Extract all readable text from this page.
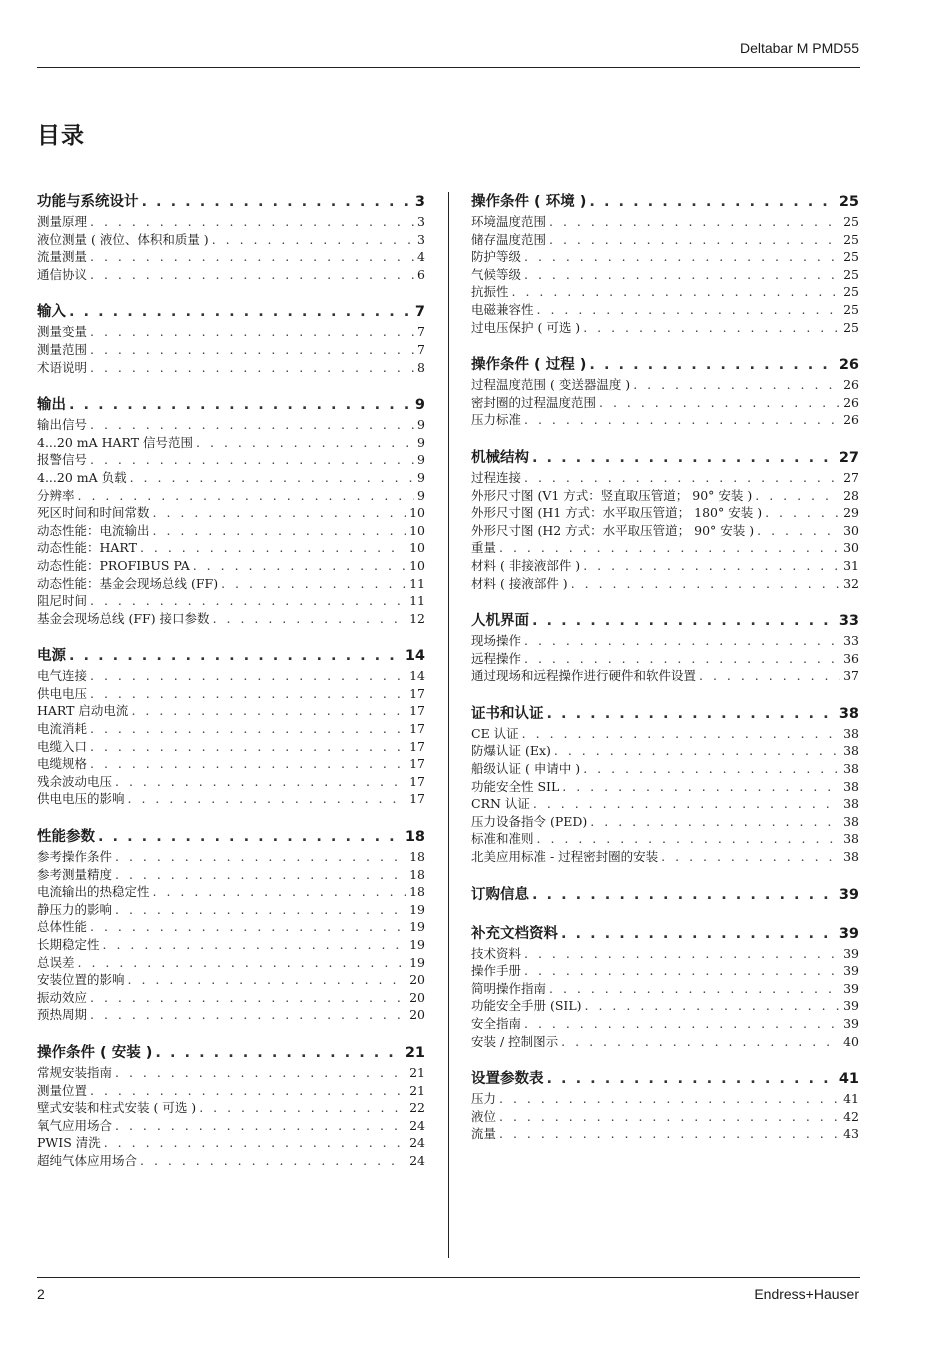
Deltabar M PMD55
目录
功能与系统设计 . . .	3
测量原理 . . .	3
液位测量 ( 液位、体积和质量 ) . . .	3
流量测量 . . .	4
通信协议 . . .	6
输入 . . .	7
测量变量 . . .	7
测量范围 . . .	7
术语说明 . . .	8
输出 . . .	9
输出信号 . . .	9
4...20 mA HART 信号范围 . . .	9
报警信号 . . .	9
4...20 mA 负载 . . .	9
分辨率 . . .	9
死区时间和时间常数 . . .	10
动态性能：电流输出 . . .	10
动态性能：HART . . .	10
动态性能：PROFIBUS PA . . .	10
动态性能：基金会现场总线 (FF) . . .	11
阻尼时间 . . .	11
基金会现场总线 (FF) 接口参数 . . .	12
电源 . . .	14
电气连接 . . .	14
供电电压 . . .	17
HART 启动电流 . . .	17
电流消耗 . . .	17
电缆入口 . . .	17
电缆规格 . . .	17
残余波动电压 . . .	17
供电电压的影响 . . .	17
性能参数 . . .	18
参考操作条件 . . .	18
参考测量精度 . . .	18
电流输出的热稳定性 . . .	18
静压力的影响 . . .	19
总体性能 . . .	19
长期稳定性 . . .	19
总误差 . . .	19
安装位置的影响 . . .	20
振动效应 . . .	20
预热周期 . . .	20
操作条件 ( 安装 ) . . .	21
常规安装指南 . . .	21
测量位置 . . .	21
壁式安装和柱式安装 ( 可选 ) . . .	22
氧气应用场合 . . .	24
PWIS 清洗 . . .	24
超纯气体应用场合 . . .	24
操作条件 ( 环境 ) . . .	25
环境温度范围 . . .	25
储存温度范围 . . .	25
防护等级 . . .	25
气候等级 . . .	25
抗振性 . . .	25
电磁兼容性 . . .	25
过电压保护 ( 可选 ) . . .	25
操作条件 ( 过程 ) . . .	26
过程温度范围 ( 变送器温度 ) . . .	26
密封圈的过程温度范围 . . .	26
压力标准 . . .	26
机械结构 . . .	27
过程连接 . . .	27
外形尺寸图 (V1 方式：竖直取压管道； 90° 安装 ) . . .	28
外形尺寸图 (H1 方式：水平取压管道； 180° 安装 ) . . .	29
外形尺寸图 (H2 方式：水平取压管道； 90° 安装 ) . . .	30
重量 . . .	30
材料 ( 非接液部件 ) . . .	31
材料 ( 接液部件 ) . . .	32
人机界面 . . .	33
现场操作 . . .	33
远程操作 . . .	36
通过现场和远程操作进行硬件和软件设置 . . .	37
证书和认证 . . .	38
CE 认证 . . .	38
防爆认证 (Ex) . . .	38
船级认证 ( 申请中 ) . . .	38
功能安全性 SIL . . .	38
CRN 认证 . . .	38
压力设备指令 (PED) . . .	38
标准和准则 . . .	38
北美应用标准 - 过程密封圈的安装 . . .	38
订购信息 . . .	39
补充文档资料 . . .	39
技术资料 . . .	39
操作手册 . . .	39
简明操作指南 . . .	39
功能安全手册 (SIL) . . .	39
安全指南 . . .	39
安装 / 控制图示 . . .	40
设置参数表 . . .	41
压力 . . .	41
液位 . . .	42
流量 . . .	43
2	Endress+Hauser
